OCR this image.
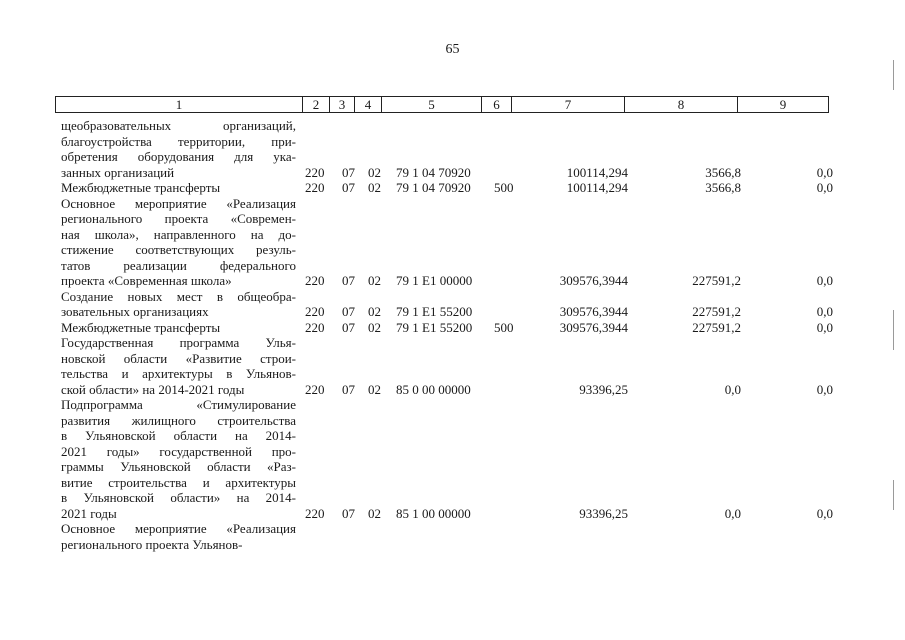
65
1	2	3	4	5	6	7	8	9
щеобразовательных организаций,
благоустройства территории, при-
обретения оборудования для ука-
занных организаций	220 07 02 79 1 04 70920	100114,294	3566,8	0,0
Межбюджетные трансферты	220 07 02 79 1 04 70920 500	100114,294	3566,8	0,0
Основное мероприятие «Реализация
регионального проекта «Современ-
ная школа», направленного на до-
стижение соответствующих резуль-
татов реализации федерального
проекта «Современная школа»	220 07 02 79 1 E1 00000	309576,3944	227591,2	0,0
Создание новых мест в общеобра-
зовательных организациях	220 07 02 79 1 E1 55200	309576,3944	227591,2	0,0
Межбюджетные трансферты	220 07 02 79 1 E1 55200 500	309576,3944	227591,2	0,0
Государственная программа Улья-
новской области «Развитие строи-
тельства и архитектуры в Ульянов-
ской области» на 2014-2021 годы	220 07 02 85 0 00 00000	93396,25	0,0	0,0
Подпрограмма «Стимулирование
развития жилищного строительства
в Ульяновской области на 2014-
2021 годы» государственной про-
граммы Ульяновской области «Раз-
витие строительства и архитектуры
в Ульяновской области» на 2014-
2021 годы	220 07 02 85 1 00 00000	93396,25	0,0	0,0
Основное мероприятие «Реализация
регионального проекта Ульянов-
